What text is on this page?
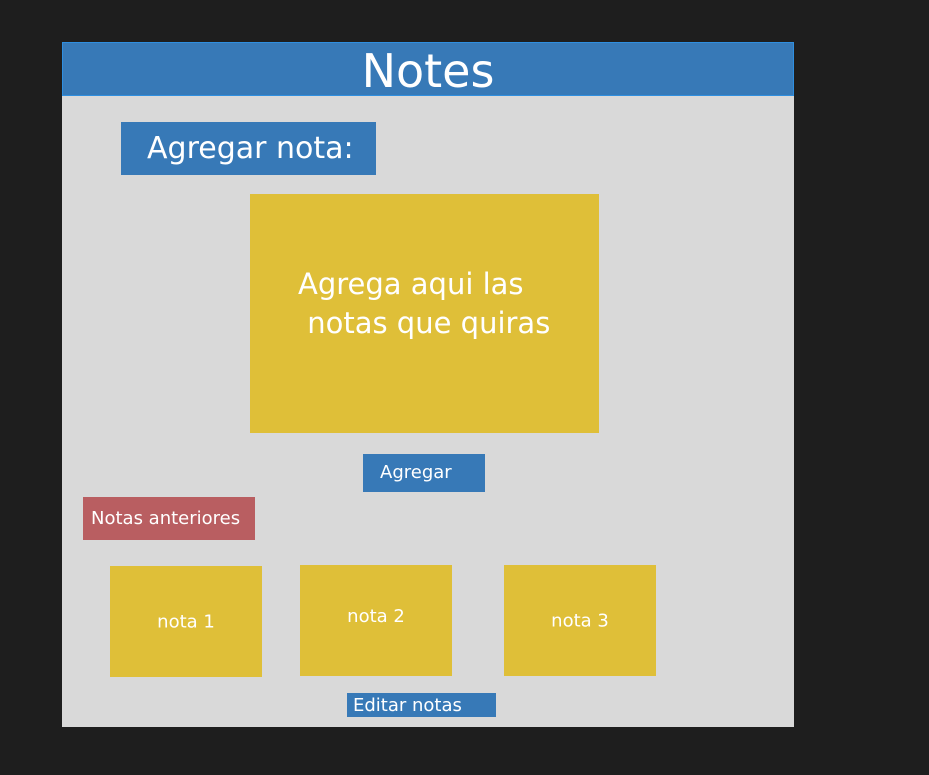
Notes
Agregar nota:
Agrega aqui las
notas que quiras
Agregar
Notas anteriores
nota 1	nota 2	nota 3
Editar notas
